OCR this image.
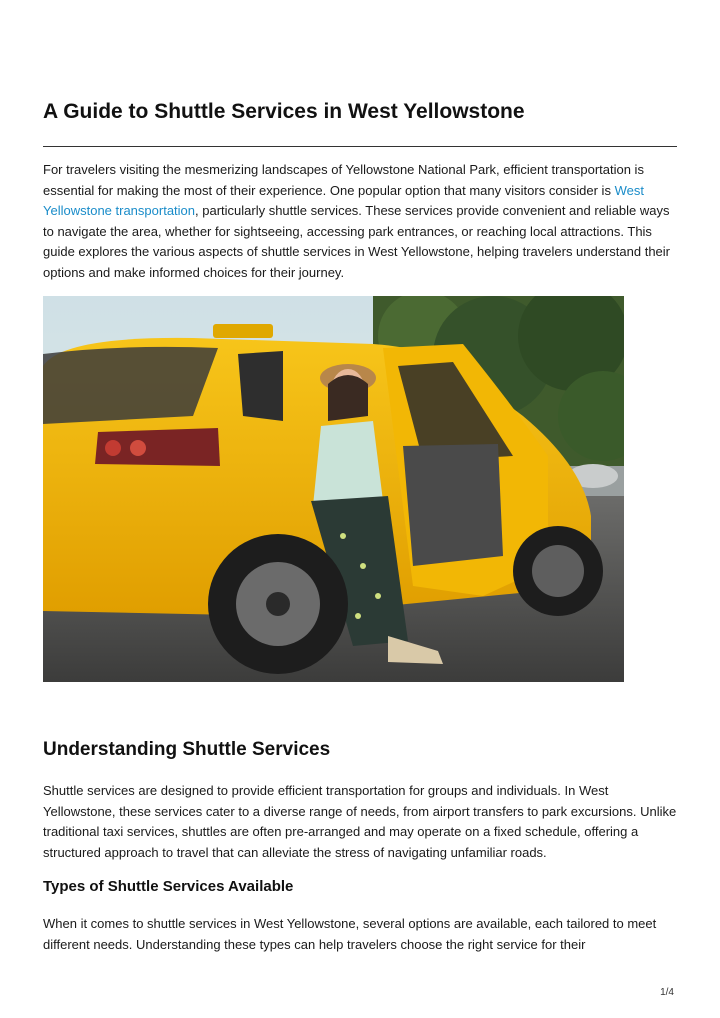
A Guide to Shuttle Services in West Yellowstone

For travelers visiting the mesmerizing landscapes of Yellowstone National Park, efficient transportation is essential for making the most of their experience. One popular option that many visitors consider is West Yellowstone transportation, particularly shuttle services. These services provide convenient and reliable ways to navigate the area, whether for sightseeing, accessing park entrances, or reaching local attractions. This guide explores the various aspects of shuttle services in West Yellowstone, helping travelers understand their options and make informed choices for their journey.

Understanding Shuttle Services

Shuttle services are designed to provide efficient transportation for groups and individuals. In West Yellowstone, these services cater to a diverse range of needs, from airport transfers to park excursions. Unlike traditional taxi services, shuttles are often pre-arranged and may operate on a fixed schedule, offering a structured approach to travel that can alleviate the stress of navigating unfamiliar roads.

Types of Shuttle Services Available

When it comes to shuttle services in West Yellowstone, several options are available, each tailored to meet different needs. Understanding these types can help travelers choose the right service for their

1/4
